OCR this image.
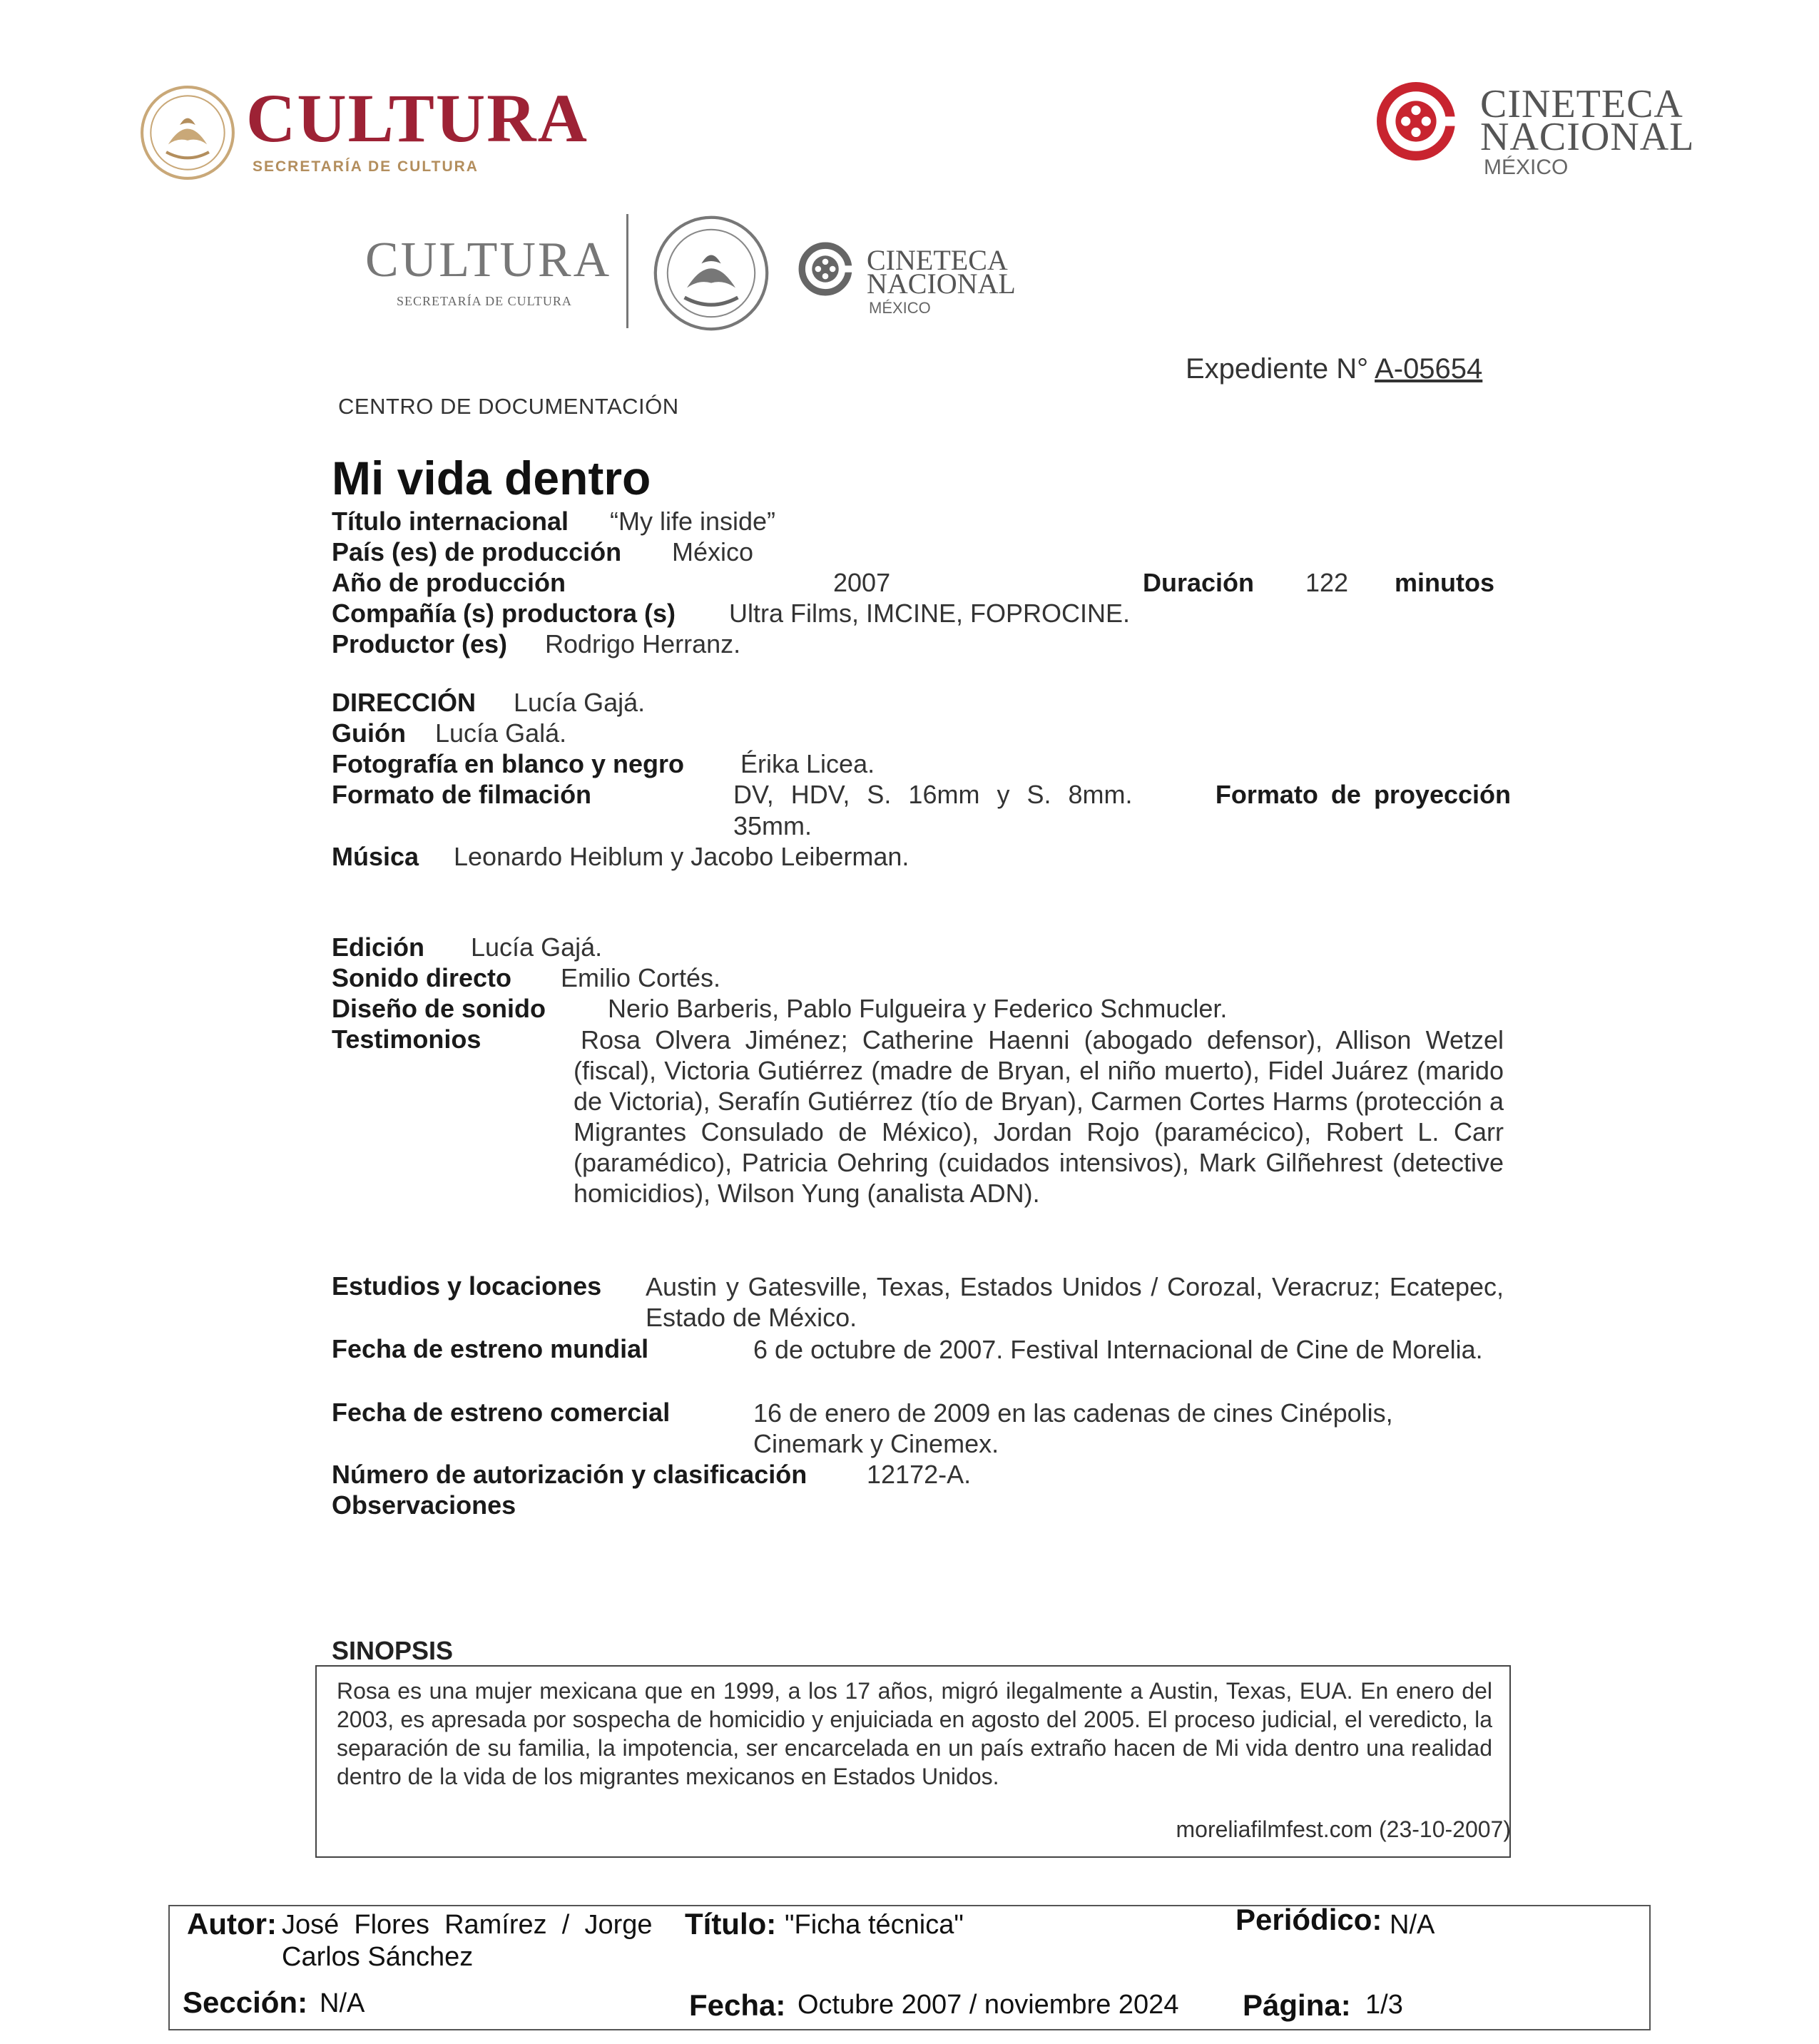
CULTURA
SECRETARÍA DE CULTURA
CINETECA
NACIONAL
MÉXICO
CULTURA
SECRETARÍA DE CULTURA
CINETECA
NACIONAL
MÉXICO
Expediente N° A-05654
CENTRO DE DOCUMENTACIÓN
Mi vida dentro
Título internacional “My life inside”
País (es) de producción México
Año de producción	2007	Duración 122 minutos
Compañía (s) productora (s) Ultra Films, IMCINE, FOPROCINE.
Productor (es) Rodrigo Herranz.
DIRECCIÓN Lucía Gajá.
Guión Lucía Galá.
Fotografía en blanco y negro Érika Licea.
Formato de filmación	DV, HDV, S. 16mm y S. 8mm.	Formato de proyección
35mm.
Música Leonardo Heiblum y Jacobo Leiberman.
Edición Lucía Gajá.
Sonido directo Emilio Cortés.
Diseño de sonido Nerio Barberis, Pablo Fulgueira y Federico Schmucler.
Testimonios	Rosa Olvera Jiménez; Catherine Haenni (abogado defensor), Allison Wetzel (fiscal), Victoria Gutiérrez (madre de Bryan, el niño muerto), Fidel Juárez (marido de Victoria), Serafín Gutiérrez (tío de Bryan), Carmen Cortes Harms (protección a Migrantes Consulado de México), Jordan Rojo (paramécico), Robert L. Carr (paramédico), Patricia Oehring (cuidados intensivos), Mark Gilñehrest (detective homicidios), Wilson Yung (analista ADN).
Estudios y locaciones Austin y Gatesville, Texas, Estados Unidos / Corozal, Veracruz; Ecatepec, Estado de México.
Fecha de estreno mundial	6 de octubre de 2007. Festival Internacional de Cine de Morelia.
Fecha de estreno comercial	16 de enero de 2009 en las cadenas de cines Cinépolis, Cinemark y Cinemex.
Número de autorización y clasificación 12172-A.
Observaciones
SINOPSIS
Rosa es una mujer mexicana que en 1999, a los 17 años, migró ilegalmente a Austin, Texas, EUA. En enero del 2003, es apresada por sospecha de homicidio y enjuiciada en agosto del 2005. El proceso judicial, el veredicto, la separación de su familia, la impotencia, ser encarcelada en un país extraño hacen de Mi vida dentro una realidad dentro de la vida de los migrantes mexicanos en Estados Unidos.
moreliafilmfest.com (23-10-2007)
Autor: José  Flores  Ramírez  /  Jorge
Carlos Sánchez
Título: "Ficha técnica"	Periódico: N/A
Sección: N/A	Fecha: Octubre 2007 / noviembre 2024 Página: 1/3
